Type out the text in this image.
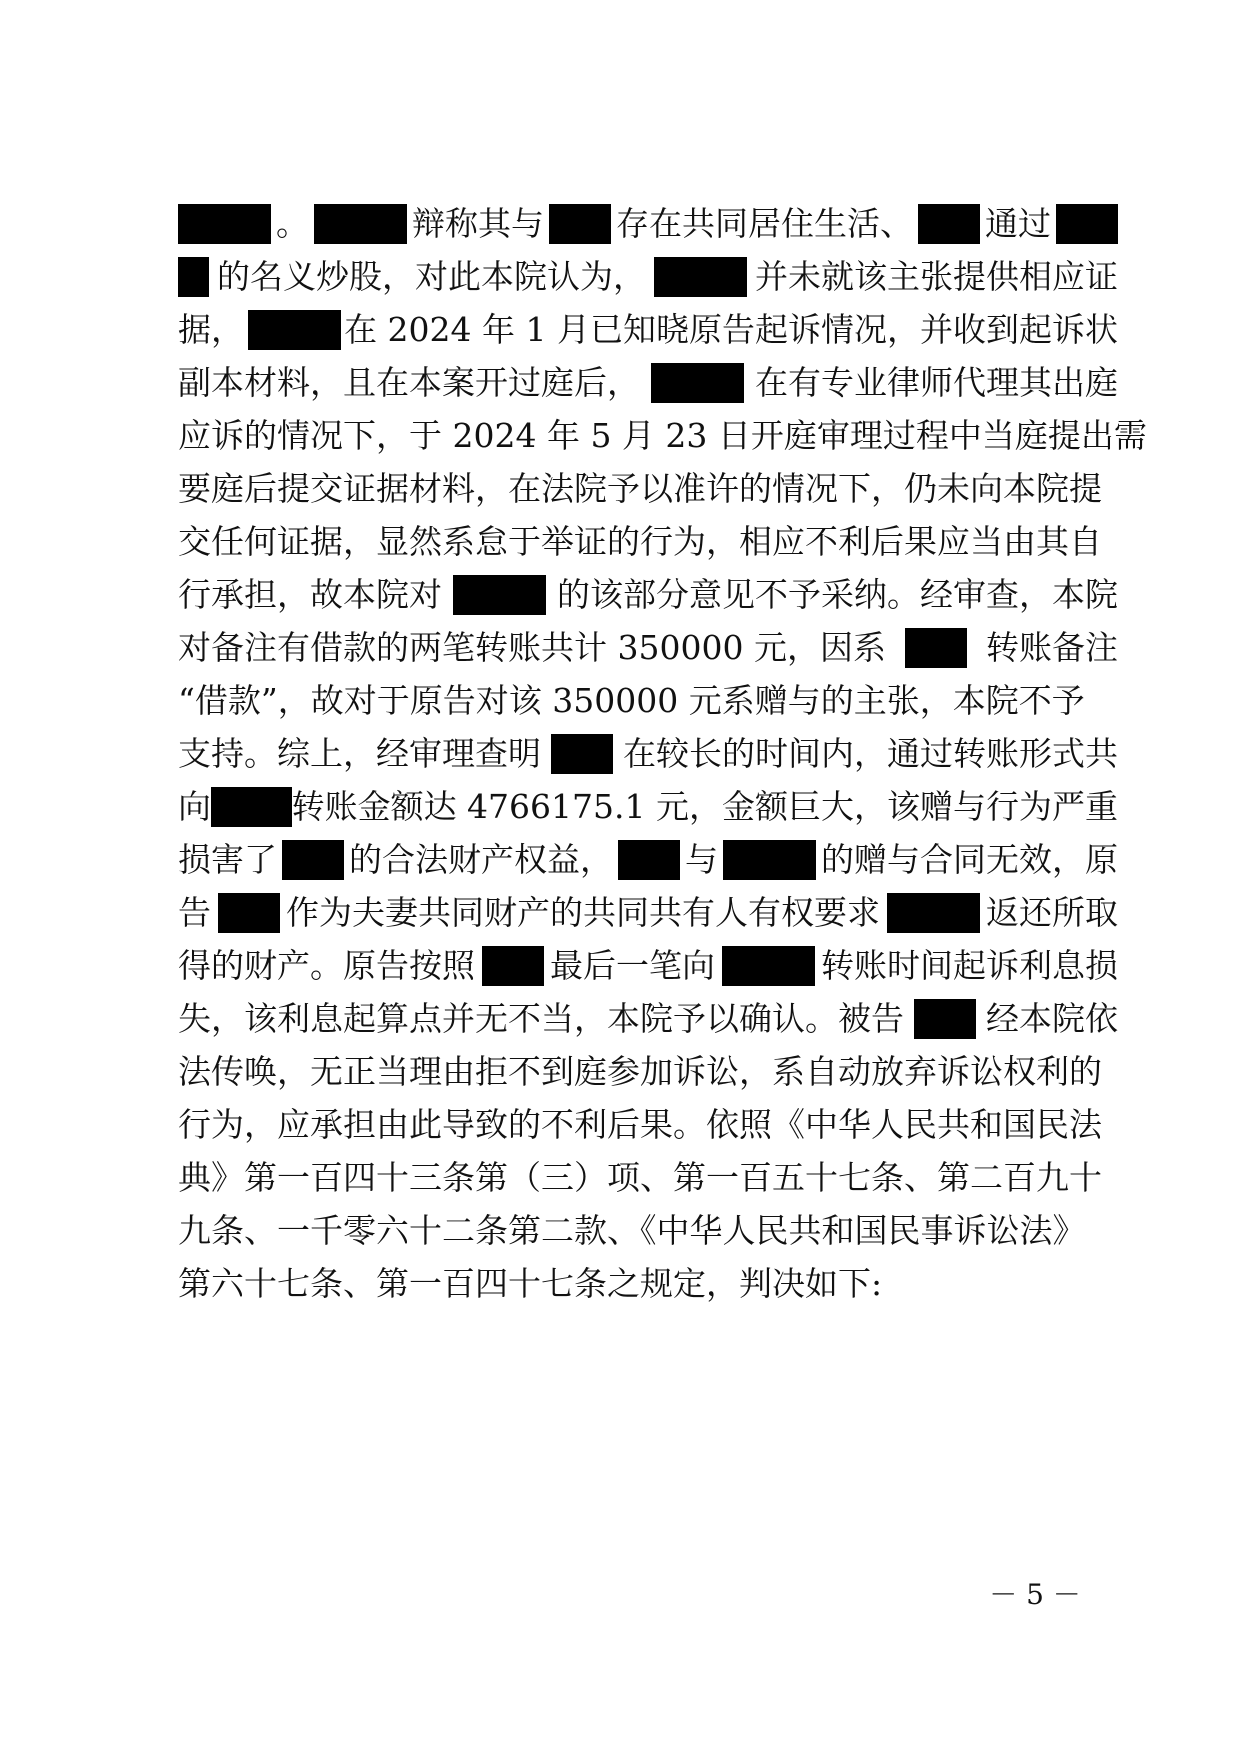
。	辩称其与 存在共同居住生活、 通过
的名义炒股，对此本院认为，	并未就该主张提供相应证
据，	在 2024 年 1 月已知晓原告起诉情况，并收到起诉状
副本材料，且在本案开过庭后，	在有专业律师代理其出庭
应诉的情况下，于 2024 年 5 月 23 日开庭审理过程中当庭提出需
要庭后提交证据材料，在法院予以准许的情况下，仍未向本院提
交任何证据，显然系怠于举证的行为，相应不利后果应当由其自
行承担，故本院对	的该部分意见不予采纳。经审查，本院
对备注有借款的两笔转账共计 350000 元，因系	转账备注
“借款”，故对于原告对该 350000 元系赠与的主张，本院不予
支持。综上，经审理查明 在较长的时间内，通过转账形式共
向 转账金额达 4766175.1 元，金额巨大，该赠与行为严重
损害了 的合法财产权益， 与	的赠与合同无效，原
告 作为夫妻共同财产的共同共有人有权要求	返还所取
得的财产。原告按照 最后一笔向	转账时间起诉利息损
失，该利息起算点并无不当，本院予以确认。被告 经本院依
法传唤，无正当理由拒不到庭参加诉讼，系自动放弃诉讼权利的
行为，应承担由此导致的不利后果。依照《中华人民共和国民法
典》第一百四十三条第（三）项、第一百五十七条、第二百九十
九条、一千零六十二条第二款、《中华人民共和国民事诉讼法》
第六十七条、第一百四十七条之规定，判决如下:
－ 5 －
